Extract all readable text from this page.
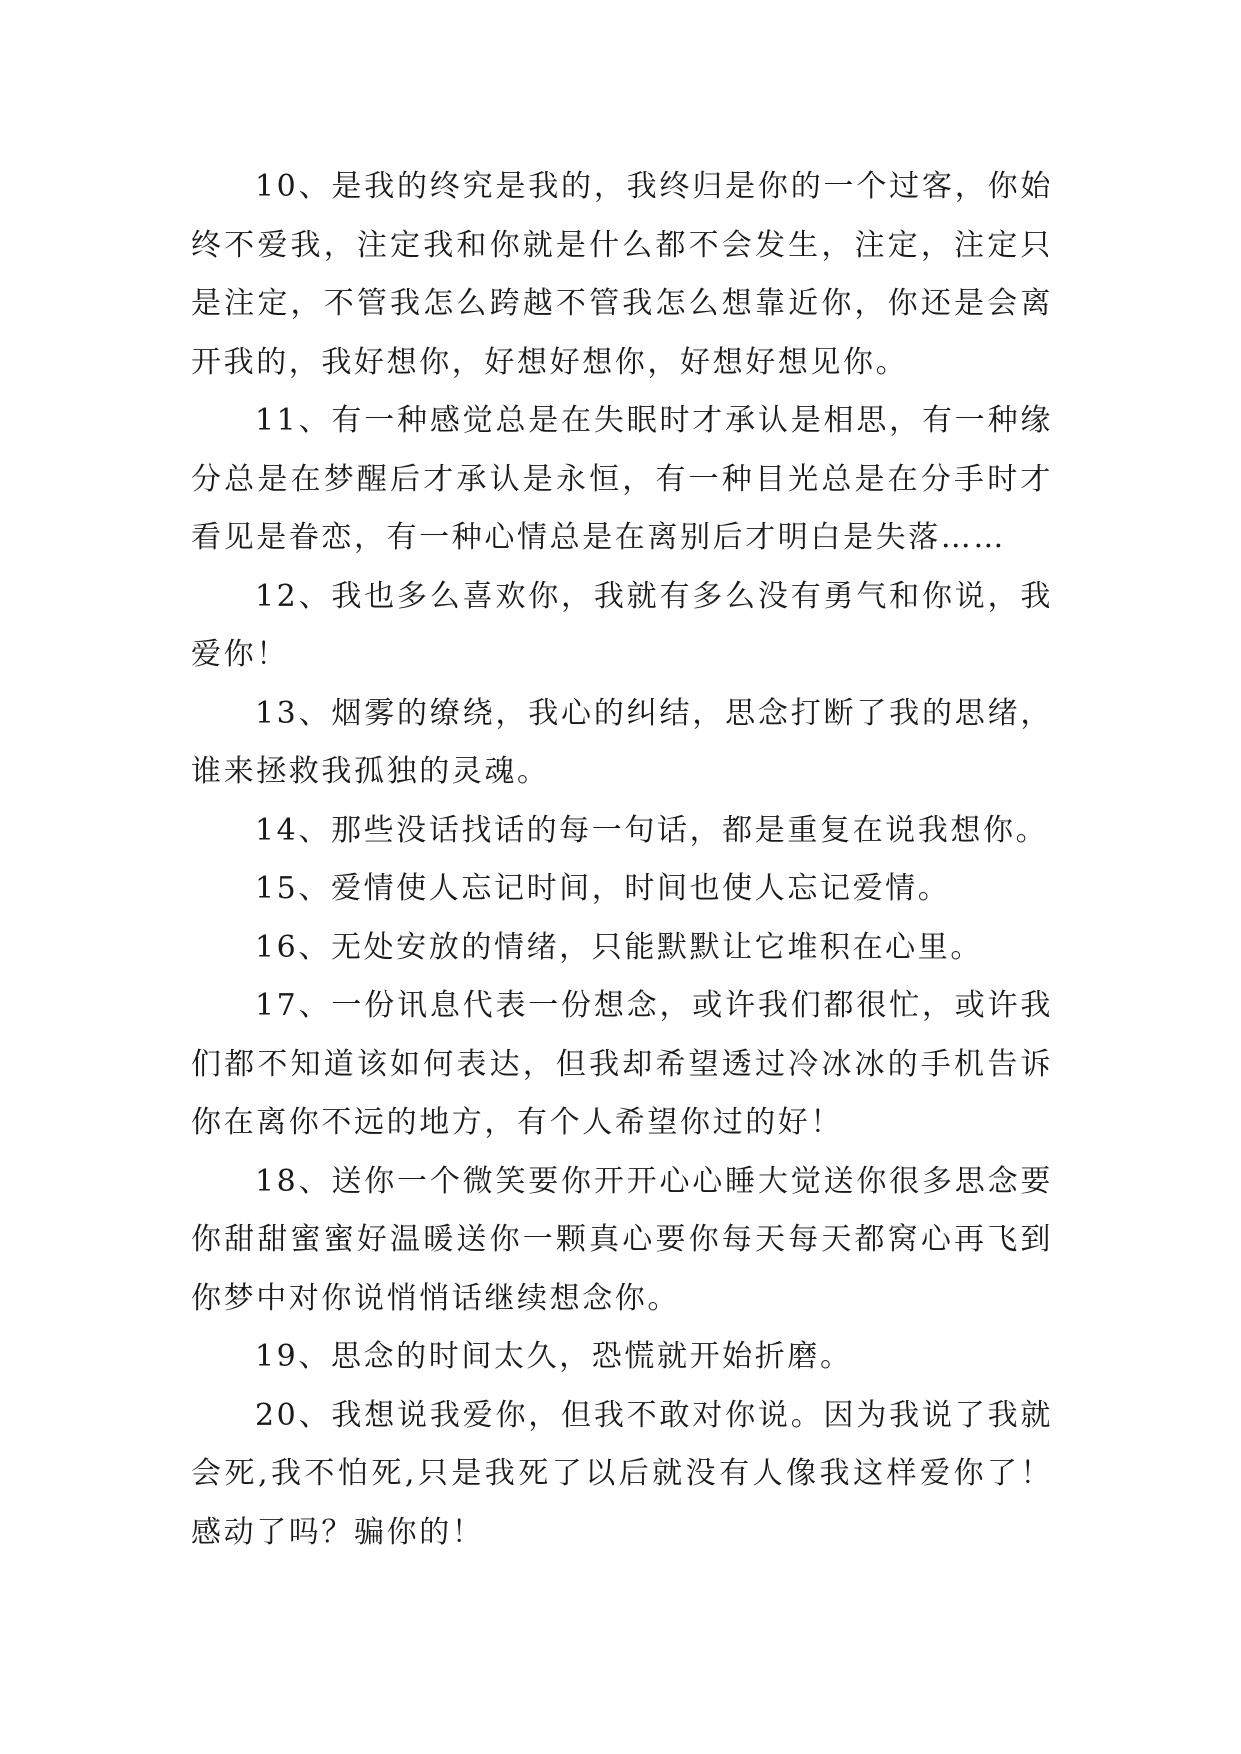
10、是我的终究是我的，我终归是你的一个过客，你始终不爱我，注定我和你就是什么都不会发生，注定，注定只是注定，不管我怎么跨越不管我怎么想靠近你，你还是会离开我的，我好想你，好想好想你，好想好想见你。

11、有一种感觉总是在失眠时才承认是相思，有一种缘分总是在梦醒后才承认是永恒，有一种目光总是在分手时才看见是眷恋，有一种心情总是在离别后才明白是失落……

12、我也多么喜欢你，我就有多么没有勇气和你说，我爱你！

13、烟雾的缭绕，我心的纠结，思念打断了我的思绪，谁来拯救我孤独的灵魂。

14、那些没话找话的每一句话，都是重复在说我想你。

15、爱情使人忘记时间，时间也使人忘记爱情。

16、无处安放的情绪，只能默默让它堆积在心里。

17、一份讯息代表一份想念，或许我们都很忙，或许我们都不知道该如何表达，但我却希望透过冷冰冰的手机告诉你在离你不远的地方，有个人希望你过的好！

18、送你一个微笑要你开开心心睡大觉送你很多思念要你甜甜蜜蜜好温暖送你一颗真心要你每天每天都窝心再飞到你梦中对你说悄悄话继续想念你。

19、思念的时间太久，恐慌就开始折磨。

20、我想说我爱你，但我不敢对你说。因为我说了我就会死,我不怕死,只是我死了以后就没有人像我这样爱你了！感动了吗？骗你的！
